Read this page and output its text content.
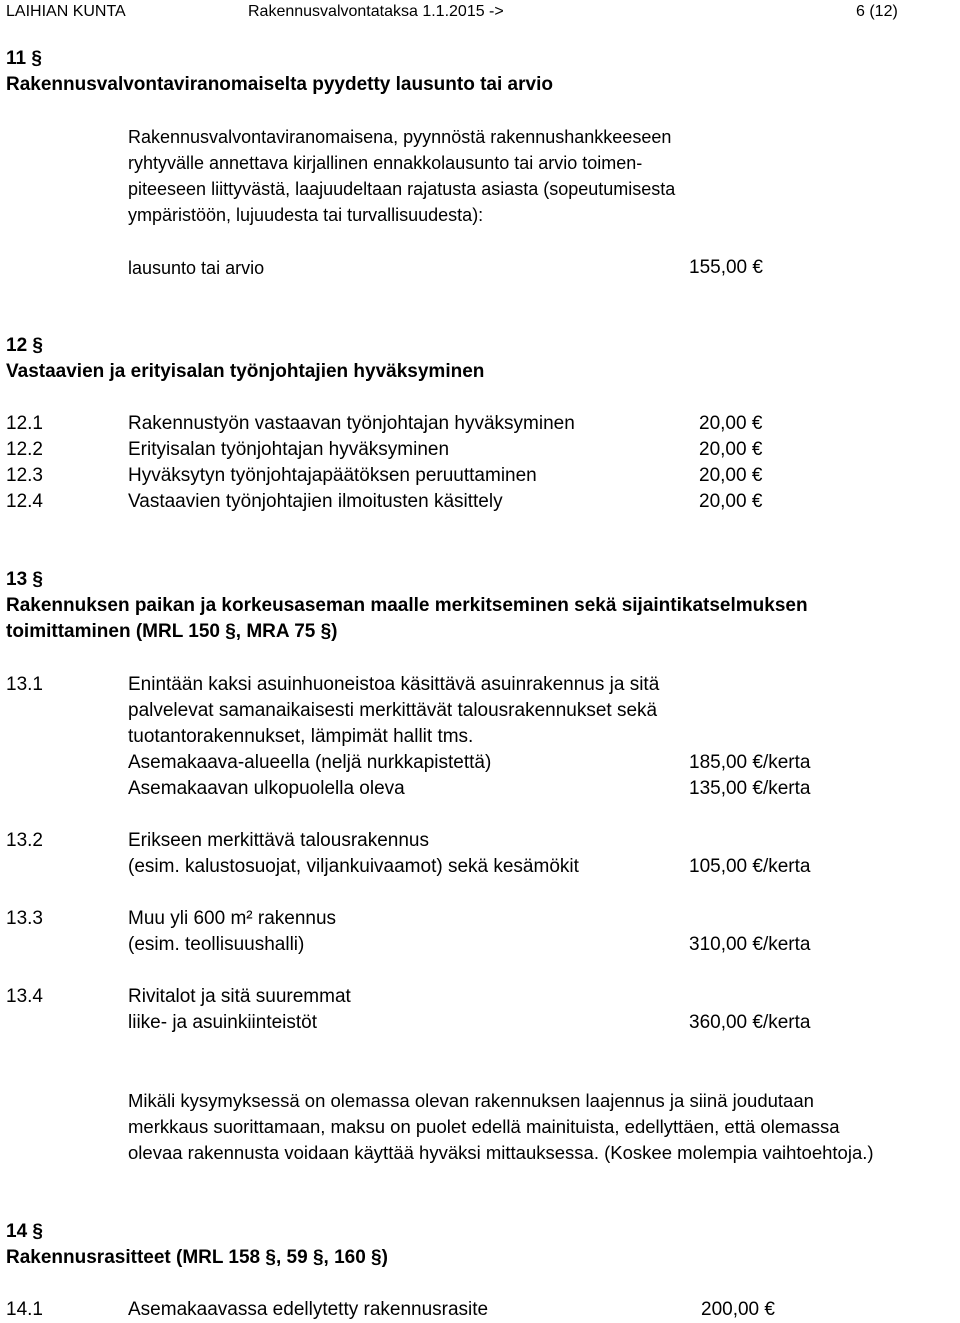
LAIHIAN KUNTA	Rakennusvalvontataksa 1.1.2015 ->	6 (12)
11 §
Rakennusvalvontaviranomaiselta pyydetty lausunto tai arvio
Rakennusvalvontaviranomaisena, pyynnöstä rakennushankkeeseen
ryhtyvälle annettava kirjallinen ennakkolausunto tai arvio toimen-
piteeseen liittyvästä, laajuudeltaan rajatusta asiasta (sopeutumisesta
ympäristöön, lujuudesta tai turvallisuudesta):
lausunto tai arvio	155,00 €
12 §
Vastaavien ja erityisalan työnjohtajien hyväksyminen
12.1	Rakennustyön vastaavan työnjohtajan hyväksyminen	20,00 €
12.2	Erityisalan työnjohtajan hyväksyminen	20,00 €
12.3	Hyväksytyn työnjohtajapäätöksen peruuttaminen	20,00 €
12.4	Vastaavien työnjohtajien ilmoitusten käsittely	20,00 €
13 §
Rakennuksen paikan ja korkeusaseman maalle merkitseminen sekä sijaintikatselmuksen
toimittaminen (MRL 150 §, MRA 75 §)
13.1	Enintään kaksi asuinhuoneistoa käsittävä asuinrakennus ja sitä
palvelevat samanaikaisesti merkittävät talousrakennukset sekä
tuotantorakennukset, lämpimät hallit tms.
Asemakaava-alueella (neljä nurkkapistettä)	185,00 €/kerta
Asemakaavan ulkopuolella oleva	135,00 €/kerta
13.2	Erikseen merkittävä talousrakennus
(esim. kalustosuojat, viljankuivaamot) sekä kesämökit	105,00 €/kerta
13.3	Muu yli 600 m² rakennus
(esim. teollisuushalli)	310,00 €/kerta
13.4	Rivitalot ja sitä suuremmat
liike- ja asuinkiinteistöt	360,00 €/kerta
Mikäli kysymyksessä on olemassa olevan rakennuksen laajennus ja siinä joudutaan
merkkaus suorittamaan, maksu on puolet edellä mainituista, edellyttäen, että olemassa
olevaa rakennusta voidaan käyttää hyväksi mittauksessa. (Koskee molempia vaihtoehtoja.)
14 §
Rakennusrasitteet (MRL 158 §, 59 §, 160 §)
14.1	Asemakaavassa edellytetty rakennusrasite	200,00 €
